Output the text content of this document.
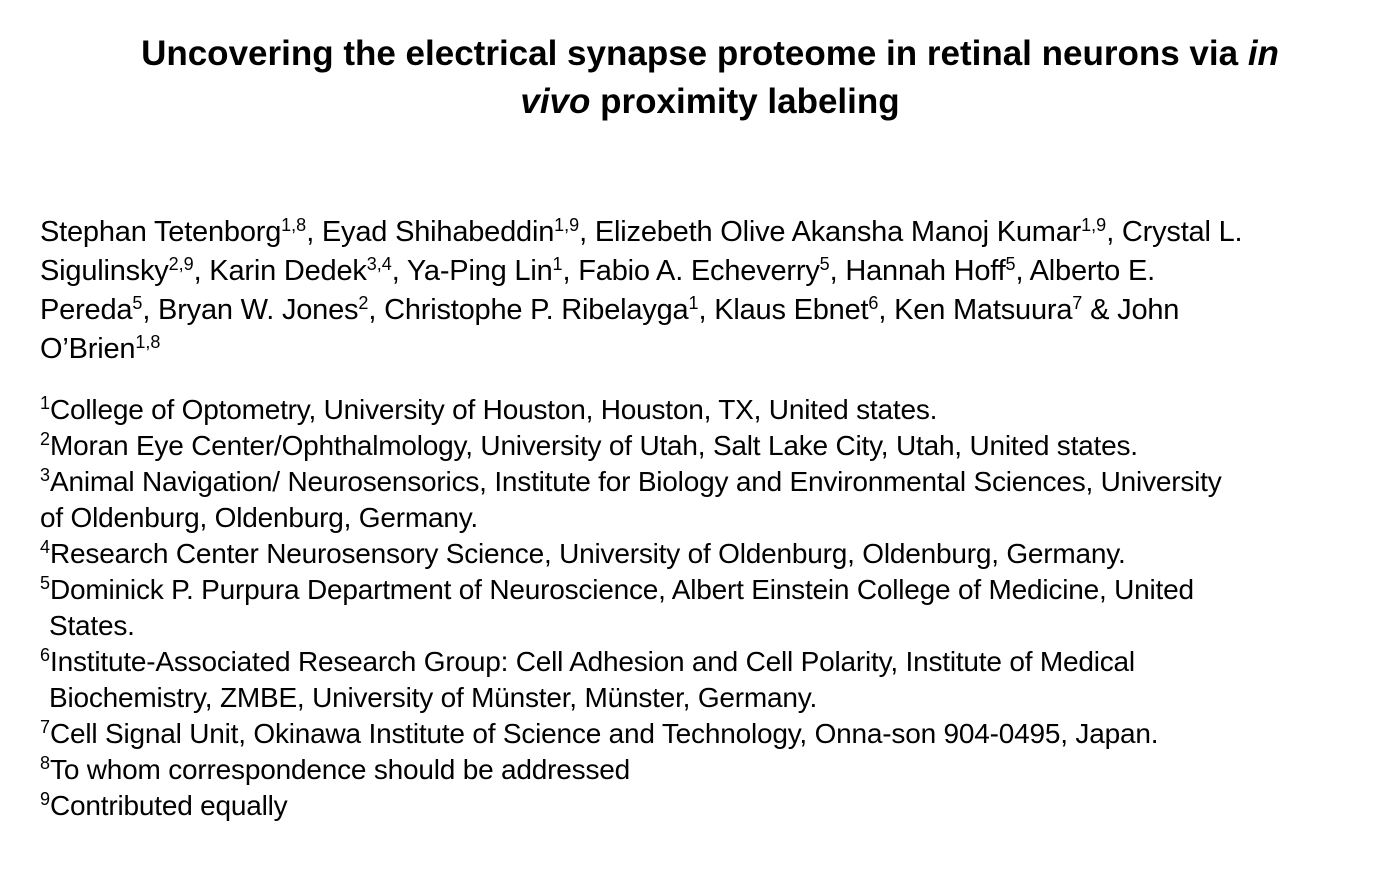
Uncovering the electrical synapse proteome in retinal neurons via in
vivo proximity labeling

Stephan Tetenborg$^{1,8}$, Eyad Shihabeddin$^{1,9}$, Elizebeth Olive Akansha Manoj Kumar$^{1,9}$, Crystal L.
Sigulinsky$^{2,9}$, Karin Dedek$^{3,4}$, Ya-Ping Lin$^1$, Fabio A. Echeverry$^5$, Hannah Hoff$^5$, Alberto E.
Pereda$^5$, Bryan W. Jones$^2$, Christophe P. Ribelayga$^1$, Klaus Ebnet$^6$, Ken Matsuura$^7$ & John
O’Brien$^{1,8}$

$^1$College of Optometry, University of Houston, Houston, TX, United states.
$^2$Moran Eye Center/Ophthalmology, University of Utah, Salt Lake City, Utah, United states.
$^3$Animal Navigation/ Neurosensorics, Institute for Biology and Environmental Sciences, University
of Oldenburg, Oldenburg, Germany.
$^4$Research Center Neurosensory Science, University of Oldenburg, Oldenburg, Germany.
$^5$Dominick P. Purpura Department of Neuroscience, Albert Einstein College of Medicine, United
States.
$^6$Institute-Associated Research Group: Cell Adhesion and Cell Polarity, Institute of Medical
Biochemistry, ZMBE, University of Münster, Münster, Germany.
$^7$Cell Signal Unit, Okinawa Institute of Science and Technology, Onna-son 904-0495, Japan.
$^8$To whom correspondence should be addressed
$^9$Contributed equally
